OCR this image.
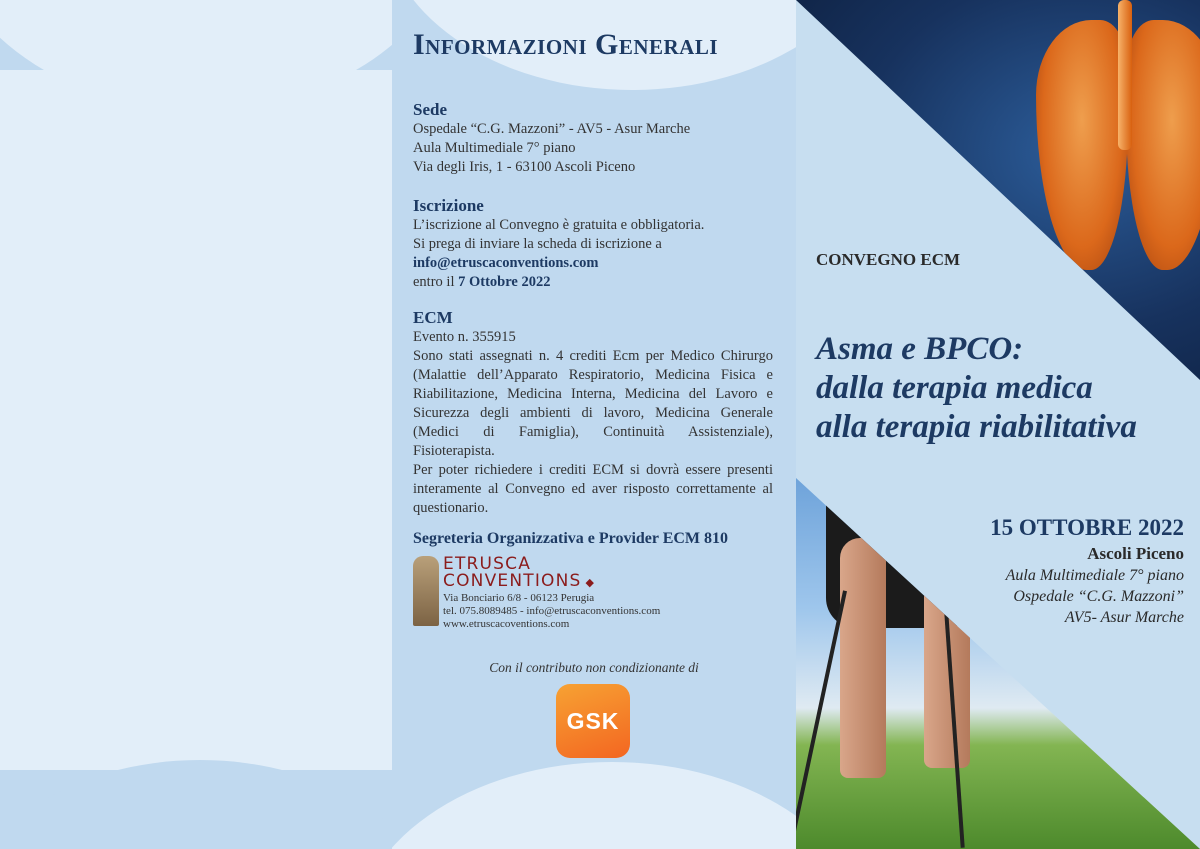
Informazioni Generali
Sede

Ospedale “C.G. Mazzoni” - AV5 - Asur Marche

Aula Multimediale 7° piano

Via degli Iris, 1 - 63100 Ascoli Piceno

Iscrizione

L’iscrizione al Convegno è gratuita e obbligatoria.

Si prega di inviare la scheda di iscrizione a

info@etruscaconventions.com

entro il 7 Ottobre 2022

ECM

Evento n. 355915

Sono stati assegnati n. 4 crediti Ecm per Medico Chirurgo (Malattie dell’Apparato Respiratorio, Medicina Fisica e Riabilitazione, Medicina Interna, Medicina del Lavoro e Sicurezza degli ambienti di lavoro, Medicina Generale (Medici di Famiglia), Continuità Assistenziale), Fisioterapista.

Per poter richiedere i crediti ECM si dovrà essere presenti interamente al Convegno ed aver risposto correttamente al questionario.

Segreteria Organizzativa e Provider ECM 810
ETRUSCA
CONVENTIONS ◆
Via Bonciario 6/8 - 06123 Perugia
tel. 075.8089485 - info@etruscaconventions.com
www.etruscacoventions.com
Con il contributo non condizionante di
GSK
CONVEGNO ECM
Asma e BPCO:
dalla terapia medica
alla terapia riabilitativa
15 OTTOBRE 2022
Ascoli Piceno
Aula Multimediale 7° piano
Ospedale “C.G. Mazzoni”
AV5- Asur Marche
